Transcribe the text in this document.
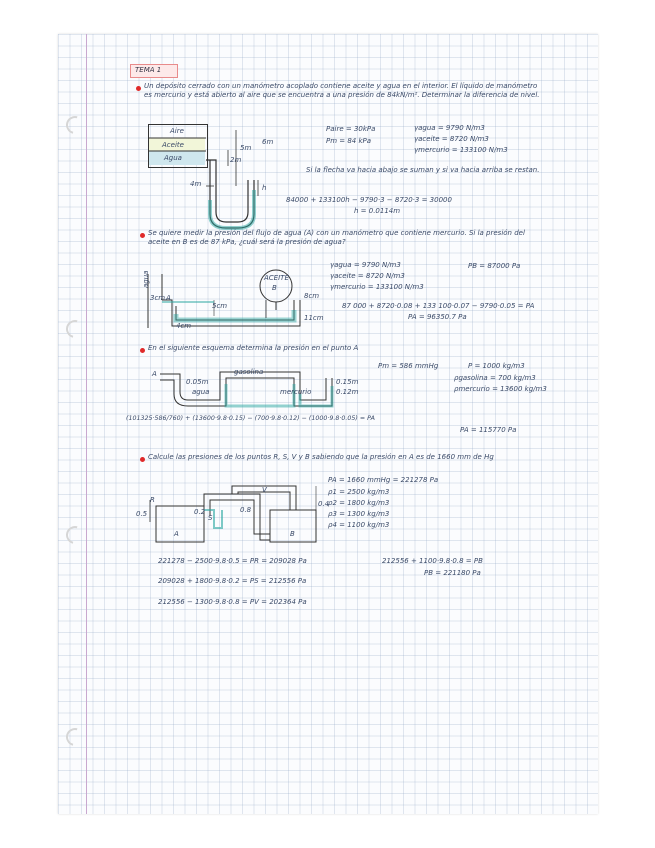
TEMA 1
Un depósito cerrado con un manómetro acoplado contiene aceite y agua en el interior. El líquido de manómetro es mercurio y está abierto al aire que se encuentra a una presión de 84kN/m². Determinar la diferencia de nivel.
Aire
Aceite
Agua
5m
2m
6m
4m	h
Paire = 30kPa
Pm = 84 kPa
γagua = 9790 N/m3
γaceite = 8720 N/m3
γmercurio = 133100 N/m3
Si la flecha va hacia abajo se suman y si va hacia arriba se restan.
84000 + 133100h − 9790·3 − 8720·3 = 30000
h = 0.0114m
Se quiere medir la presión del flujo de agua (A) con un manómetro que contiene mercurio. Si la presión del aceite en B es de 87 kPa, ¿cuál será la presión de agua?
agua	ACEITE
B
A
3cm
4cm
5cm
8cm
11cm
γagua = 9790 N/m3
γaceite = 8720 N/m3
γmercurio = 133100 N/m3
PB = 87000 Pa
87 000 + 8720·0.08 + 133 100·0.07 − 9790·0.05 = PA
PA = 96350.7 Pa
En el siguiente esquema determina la presión en el punto A
A	gasolina
agua	mercurio
0.05m	0.15m
0.12m
Pm = 586 mmHg	P = 1000 kg/m3
ρgasolina = 700 kg/m3
ρmercurio = 13600 kg/m3
(101325·586/760) + (13600·9.8·0.15) − (700·9.8·0.12) − (1000·9.8·0.05) = PA
PA = 115770 Pa
Calcule las presiones de los puntos R, S, V y B sabiendo que la presión en A es de 1660 mm de Hg
A	B
R
S
V
0.5	0.2	0.8
0.4
PA = 1660 mmHg = 221278 Pa
ρ1 = 2500 kg/m3
ρ2 = 1800 kg/m3
ρ3 = 1300 kg/m3
ρ4 = 1100 kg/m3
221278 − 2500·9.8·0.5 = PR = 209028 Pa
209028 + 1800·9.8·0.2 = PS = 212556 Pa
212556 − 1300·9.8·0.8 = PV = 202364 Pa
212556 + 1100·9.8·0.8 = PB
PB = 221180 Pa
